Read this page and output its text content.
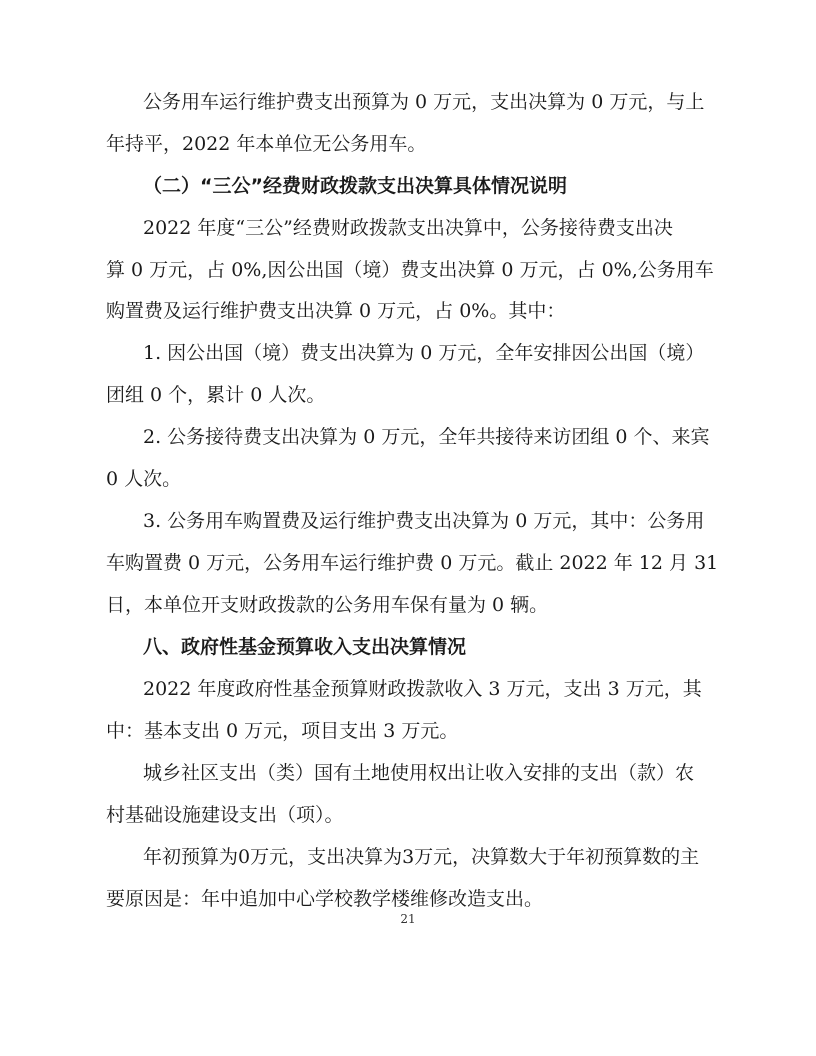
公务用车运行维护费支出预算为 0 万元，支出决算为 0 万元，与上
年持平，2022 年本单位无公务用车。
（二）“三公”经费财政拨款支出决算具体情况说明
2022 年度“三公”经费财政拨款支出决算中，公务接待费支出决
算 0 万元，占 0%,因公出国（境）费支出决算 0 万元，占 0%,公务用车
购置费及运行维护费支出决算 0 万元，占 0%。其中：
1. 因公出国（境）费支出决算为 0 万元，全年安排因公出国（境）
团组 0 个，累计 0 人次。
2. 公务接待费支出决算为 0 万元，全年共接待来访团组 0 个、来宾
0 人次。
3. 公务用车购置费及运行维护费支出决算为 0 万元，其中：公务用
车购置费 0 万元，公务用车运行维护费 0 万元。截止 2022 年 12 月 31
日，本单位开支财政拨款的公务用车保有量为 0 辆。
八、政府性基金预算收入支出决算情况
2022 年度政府性基金预算财政拨款收入 3 万元，支出 3 万元，其
中：基本支出 0 万元，项目支出 3 万元。
城乡社区支出（类）国有土地使用权出让收入安排的支出（款）农
村基础设施建设支出（项）。
年初预算为0万元，支出决算为3万元，决算数大于年初预算数的主
要原因是：年中追加中心学校教学楼维修改造支出。
21
